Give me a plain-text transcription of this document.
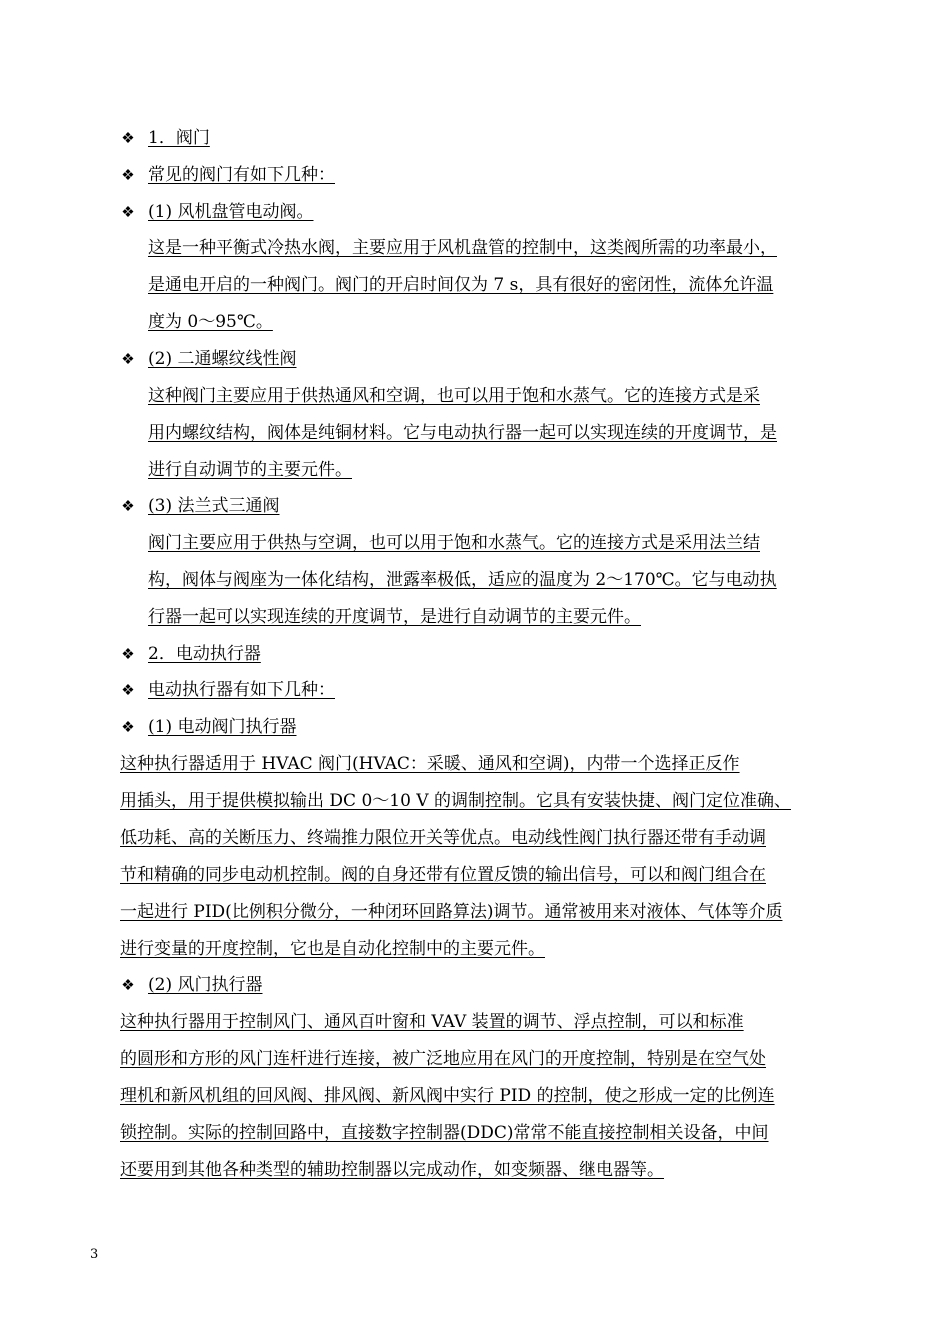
❖ 1．阀门
❖ 常见的阀门有如下几种：
❖ (1) 风机盘管电动阀。
这是一种平衡式冷热水阀，主要应用于风机盘管的控制中，这类阀所需的功率最小，
是通电开启的一种阀门。阀门的开启时间仅为 7 s，具有很好的密闭性，流体允许温
度为 0～95℃。
❖ (2) 二通螺纹线性阀
这种阀门主要应用于供热通风和空调，也可以用于饱和水蒸气。它的连接方式是采
用内螺纹结构，阀体是纯铜材料。它与电动执行器一起可以实现连续的开度调节，是
进行自动调节的主要元件。
❖ (3) 法兰式三通阀
阀门主要应用于供热与空调，也可以用于饱和水蒸气。它的连接方式是采用法兰结
构，阀体与阀座为一体化结构，泄露率极低，适应的温度为 2～170℃。它与电动执
行器一起可以实现连续的开度调节，是进行自动调节的主要元件。
❖ 2．电动执行器
❖ 电动执行器有如下几种：
❖ (1) 电动阀门执行器
这种执行器适用于 HVAC 阀门(HVAC：采暖、通风和空调)，内带一个选择正反作
用插头，用于提供模拟输出 DC 0～10 V 的调制控制。它具有安装快捷、阀门定位准确、
低功耗、高的关断压力、终端推力限位开关等优点。电动线性阀门执行器还带有手动调
节和精确的同步电动机控制。阀的自身还带有位置反馈的输出信号，可以和阀门组合在
一起进行 PID(比例积分微分，一种闭环回路算法)调节。通常被用来对液体、气体等介质
进行变量的开度控制，它也是自动化控制中的主要元件。
❖ (2) 风门执行器
这种执行器用于控制风门、通风百叶窗和 VAV 装置的调节、浮点控制，可以和标准
的圆形和方形的风门连杆进行连接，被广泛地应用在风门的开度控制，特别是在空气处
理机和新风机组的回风阀、排风阀、新风阀中实行 PID 的控制，使之形成一定的比例连
锁控制。实际的控制回路中，直接数字控制器(DDC)常常不能直接控制相关设备，中间
还要用到其他各种类型的辅助控制器以完成动作，如变频器、继电器等。
3
